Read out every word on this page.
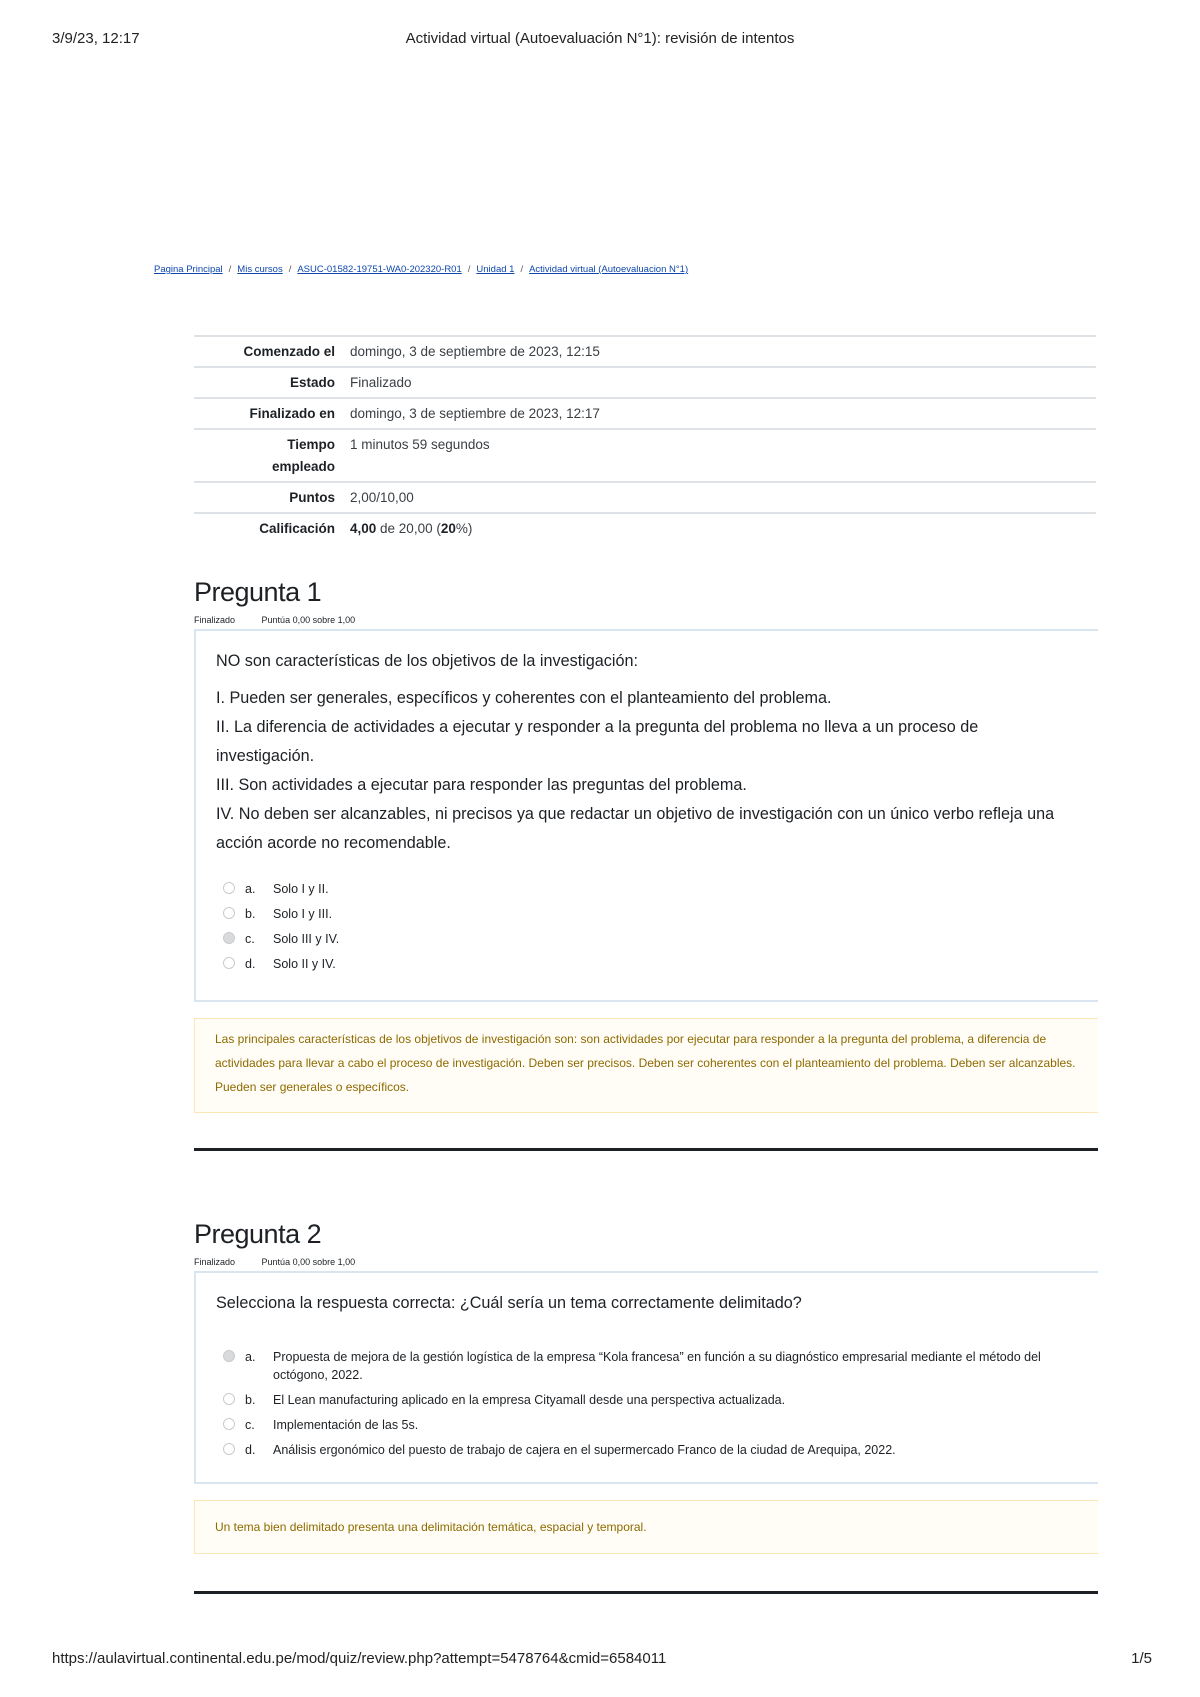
3/9/23, 12:17	Actividad virtual (Autoevaluación N°1): revisión de intentos
Pagina Principal / Mis cursos / ASUC-01582-19751-WA0-202320-R01 / Unidad 1 / Actividad virtual (Autoevaluacion N°1)
Comenzado el	domingo, 3 de septiembre de 2023, 12:15
Estado	Finalizado
Finalizado en	domingo, 3 de septiembre de 2023, 12:17
Tiempo
empleado	1 minutos 59 segundos
Puntos	2,00/10,00
Calificación	4,00 de 20,00 (20%)
Pregunta 1
Finalizado	Puntúa 0,00 sobre 1,00
NO son características de los objetivos de la investigación:
I. Pueden ser generales, específicos y coherentes con el planteamiento del problema.
II. La diferencia de actividades a ejecutar y responder a la pregunta del problema no lleva a un proceso de investigación.
III. Son actividades a ejecutar para responder las preguntas del problema.
IV. No deben ser alcanzables, ni precisos ya que redactar un objetivo de investigación con un único verbo refleja una acción acorde no recomendable.
a.	Solo I y II.
b.	Solo I y III.
c.	Solo III y IV.
d.	Solo II y IV.
Las principales características de los objetivos de investigación son: son actividades por ejecutar para responder a la pregunta del problema, a diferencia de actividades para llevar a cabo el proceso de investigación. Deben ser precisos. Deben ser coherentes con el planteamiento del problema. Deben ser alcanzables. Pueden ser generales o específicos.
Pregunta 2
Finalizado	Puntúa 0,00 sobre 1,00
Selecciona la respuesta correcta: ¿Cuál sería un tema correctamente delimitado?
a.	Propuesta de mejora de la gestión logística de la empresa “Kola francesa” en función a su diagnóstico empresarial mediante el método del octógono, 2022.
b.	El Lean manufacturing aplicado en la empresa Cityamall desde una perspectiva actualizada.
c.	Implementación de las 5s.
d.	Análisis ergonómico del puesto de trabajo de cajera en el supermercado Franco de la ciudad de Arequipa, 2022.
Un tema bien delimitado presenta una delimitación temática, espacial y temporal.
https://aulavirtual.continental.edu.pe/mod/quiz/review.php?attempt=5478764&cmid=6584011	1/5
